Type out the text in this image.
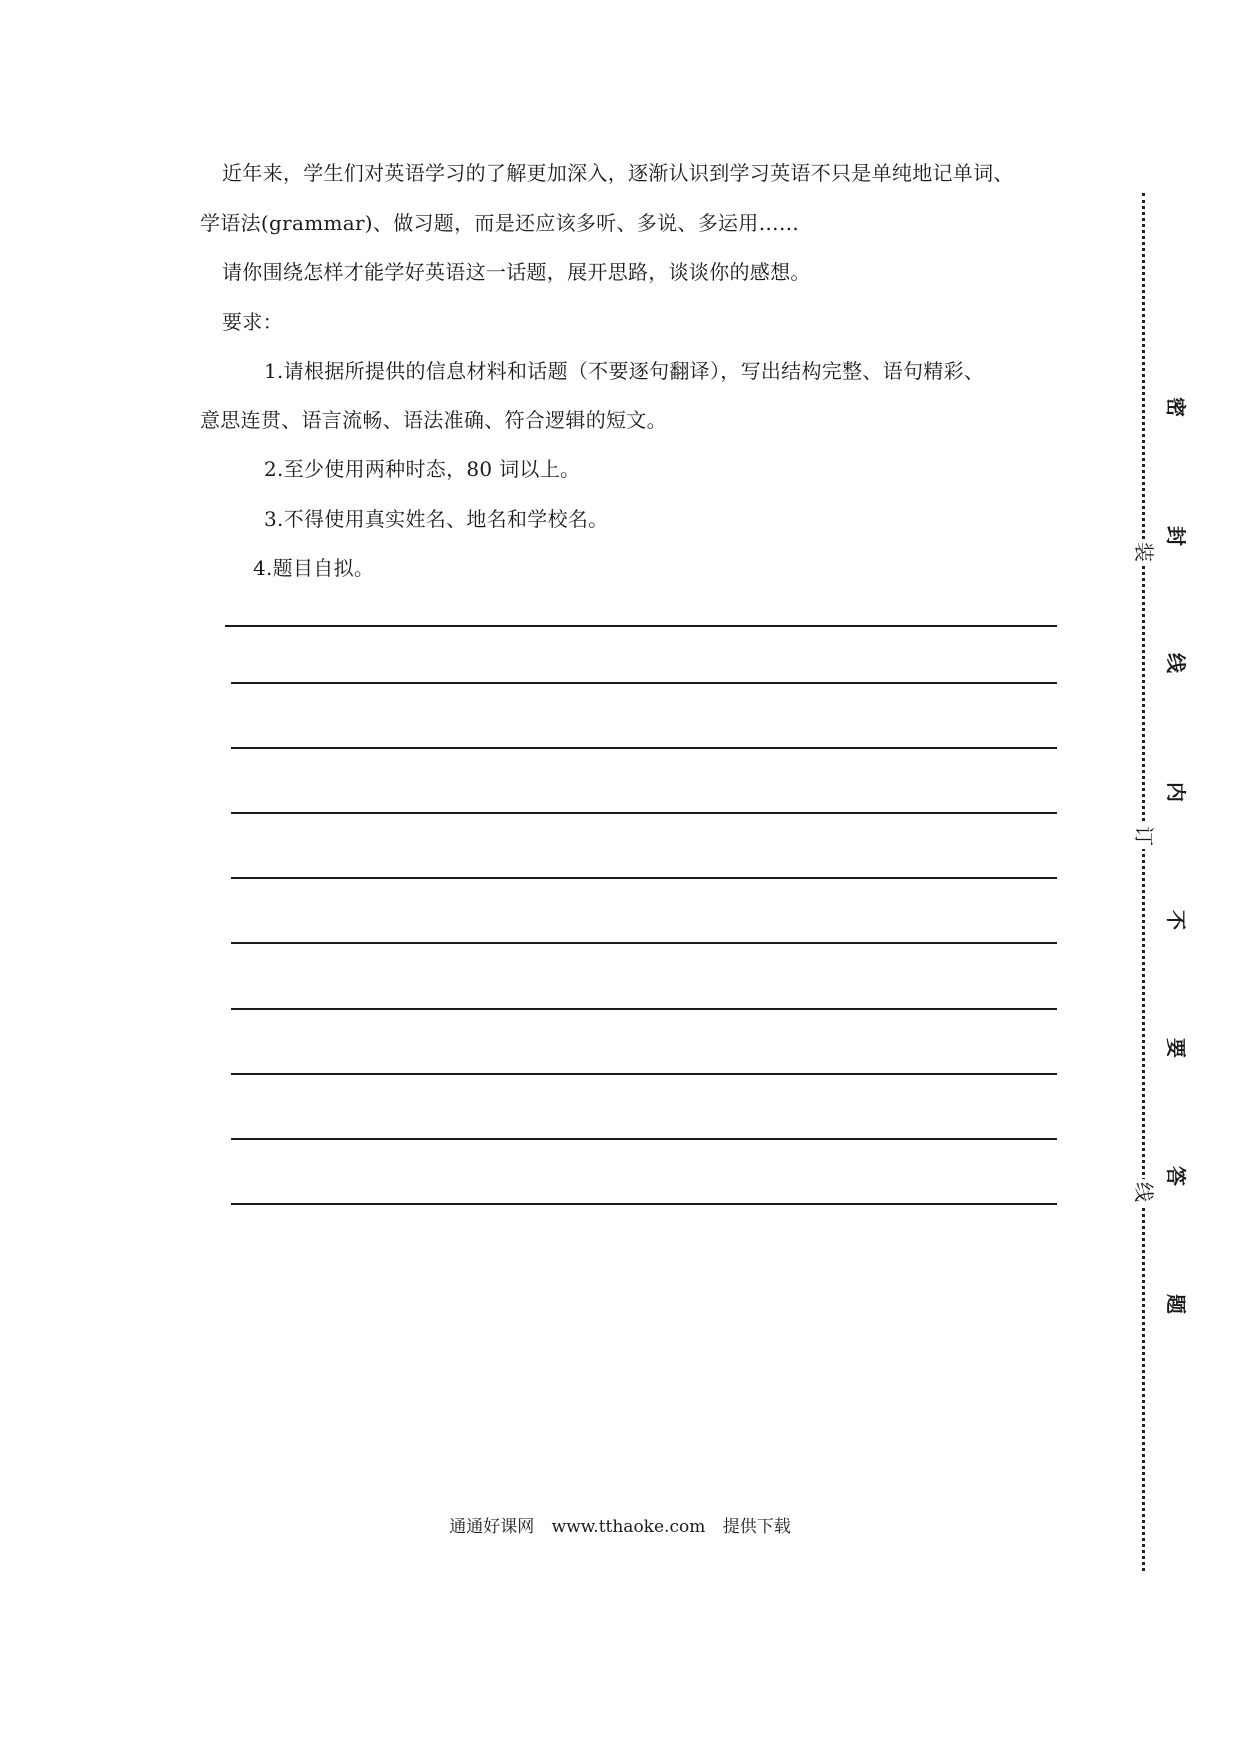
近年来，学生们对英语学习的了解更加深入，逐渐认识到学习英语不只是单纯地记单词、
学语法(grammar)、做习题，而是还应该多听、多说、多运用……
请你围绕怎样才能学好英语这一话题，展开思路，谈谈你的感想。
要求：
1.请根据所提供的信息材料和话题（不要逐句翻译），写出结构完整、语句精彩、
意思连贯、语言流畅、语法准确、符合逻辑的短文。
2.至少使用两种时态，80 词以上。
3.不得使用真实姓名、地名和学校名。
4.题目自拟。
密
封
线
内
不
要
答
题
装
订
线
通通好课网 www.tthaoke.com 提供下载
